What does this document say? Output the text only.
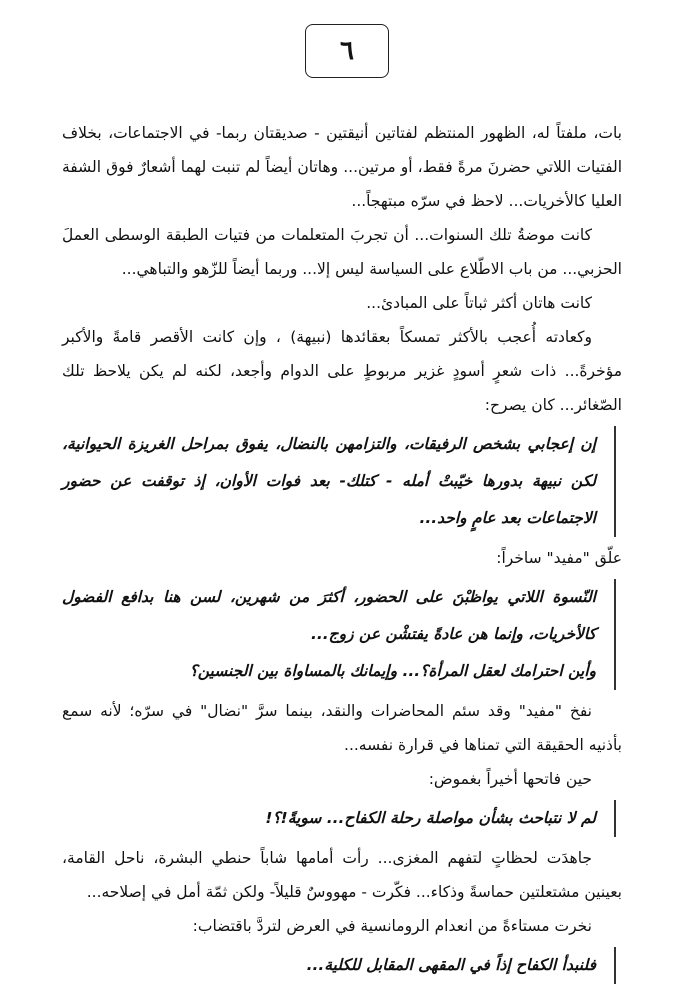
٦

بات، ملفتاً له، الظهور المنتظم لفتاتين أنيقتين - صديقتان ربما- في الاجتماعات، بخلاف الفتيات اللاتي حضرنَ مرةً فقط، أو مرتين... وهاتان أيضاً لم تنبت لهما أشعارٌ فوق الشفة العليا كالأخريات... لاحظ في سرّه مبتهجاً...

كانت موضةُ تلك السنوات... أن تجربَ المتعلمات من فتيات الطبقة الوسطى العملَ الحزبي... من باب الاطّلاع على السياسة ليس إلا... وربما أيضاً للزّهو والتباهي...

كانت هاتان أكثر ثباتاً على المبادئ...

وكعادته أُعجب بالأكثر تمسكاً بعقائدها (نبيهة) ، وإن كانت الأقصر قامةً والأكبر مؤخرةً... ذات شعرٍ أسودٍ غزير مربوطٍ على الدوام وأجعد، لكنه لم يكن يلاحظ تلك الصّغائر... كان يصرح:

إن إعجابي بشخص الرفيقات، والتزامهن بالنضال، يفوق بمراحل الغريزة الحيوانية، لكن نبيهة بدورها خيّبتْ أمله - كتلك- بعد فوات الأوان، إذ توقفت عن حضور الاجتماعات بعد عامٍ واحد...

علّق "مفيد" ساخراً:

النّسوة اللاتي يواظبْنَ على الحضور، أكثرَ من شهرين، لسن هنا بدافع الفضول كالأخريات، وإنما هن عادةً يفتشْن عن زوج...

وأين احترامك لعقل المرأة؟... وإيمانك بالمساواة بين الجنسين؟

نفخ "مفيد" وقد سئم المحاضرات والنقد، بينما سرَّ "نضال" في سرّه؛ لأنه سمع بأذنيه الحقيقة التي تمناها في قرارة نفسه...

حين فاتحها أخيراً بغموض:

لم لا نتباحث بشأن مواصلة رحلة الكفاح... سويةً!؟!

جاهدَت لحظاتٍ لتفهم المغزى... رأت أمامها شاباً حنطي البشرة، ناحل القامة، بعينين مشتعلتين حماسةً وذكاء... فكّرت - مهووسٌ قليلاً- ولكن ثمّة أمل في إصلاحه...

نخرت مستاءةً من انعدام الرومانسية في العرض لتردَّ باقتضاب:

فلنبدأ الكفاح إذاً في المقهى المقابل للكلية...
